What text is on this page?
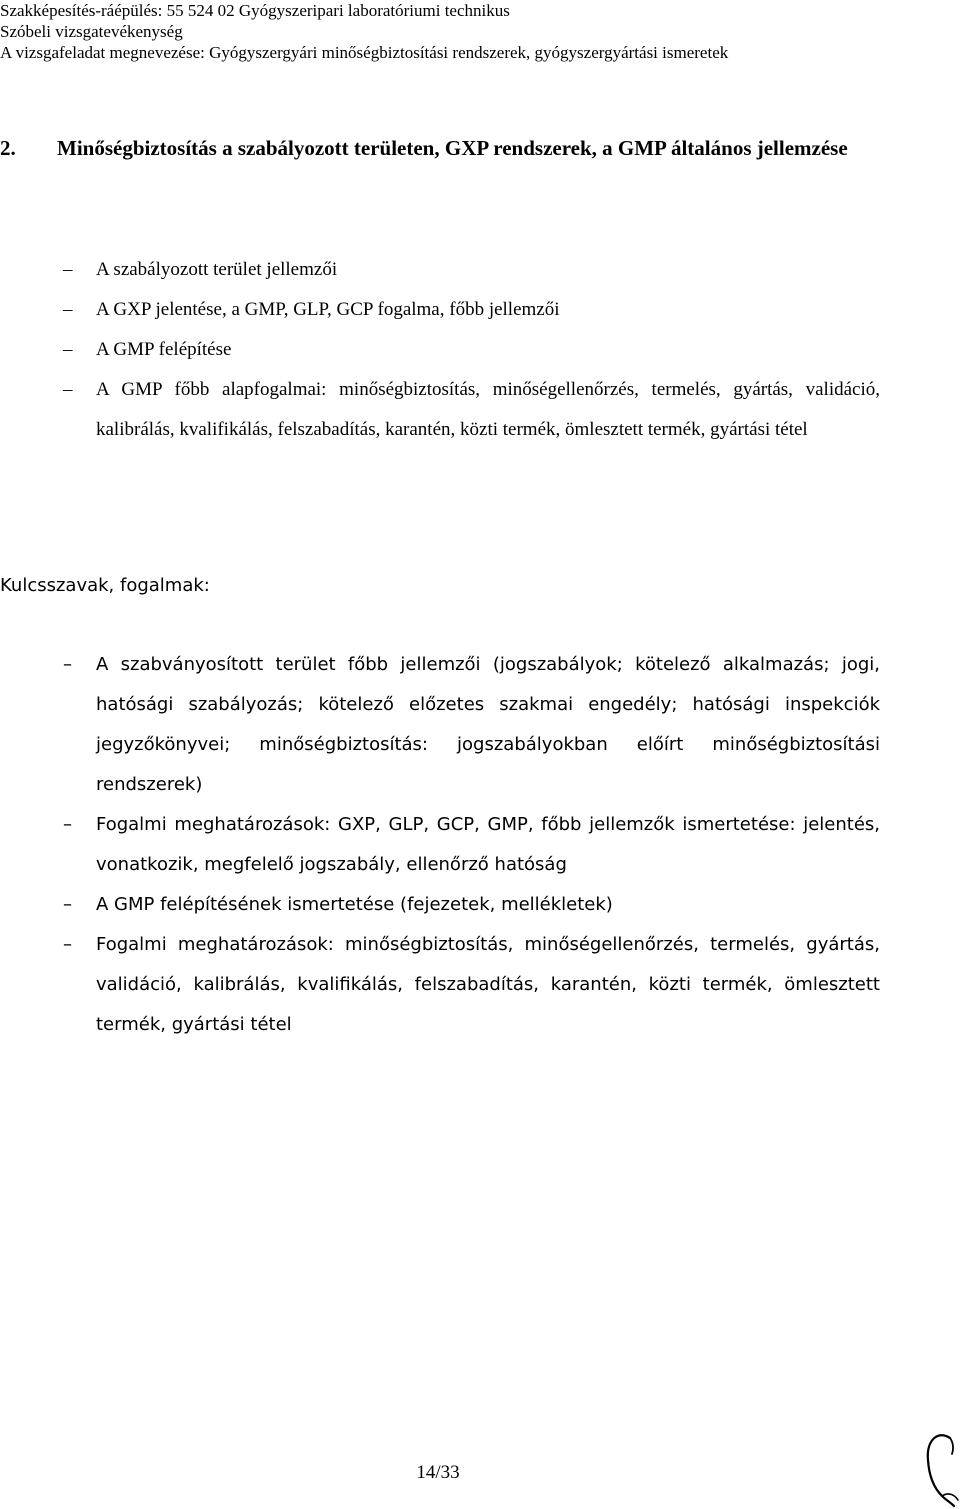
Szakképesítés-ráépülés: 55 524 02 Gyógyszeripari laboratóriumi technikus
Szóbeli vizsgatevékenység
A vizsgafeladat megnevezése: Gyógyszergyári minőségbiztosítási rendszerek, gyógyszergyártási ismeretek
2. Minőségbiztosítás a szabályozott területen, GXP rendszerek, a GMP általános jellemzése
–	A szabályozott terület jellemzői
–	A GXP jelentése, a GMP, GLP, GCP fogalma, főbb jellemzői
–	A GMP felépítése
–	A GMP főbb alapfogalmai: minőségbiztosítás, minőségellenőrzés, termelés, gyártás, validáció, kalibrálás, kvalifikálás, felszabadítás, karantén, közti termék, ömlesztett termék, gyártási tétel
Kulcsszavak, fogalmak:
–	A szabványosított terület főbb jellemzői (jogszabályok; kötelező alkalmazás; jogi, hatósági szabályozás; kötelező előzetes szakmai engedély; hatósági inspekciók jegyzőkönyvei; minőségbiztosítás: jogszabályokban előírt minőségbiztosítási rendszerek)
–	Fogalmi meghatározások: GXP, GLP, GCP, GMP, főbb jellemzők ismertetése: jelentés, vonatkozik, megfelelő jogszabály, ellenőrző hatóság
–	A GMP felépítésének ismertetése (fejezetek, mellékletek)
–	Fogalmi meghatározások: minőségbiztosítás, minőségellenőrzés, termelés, gyártás, validáció, kalibrálás, kvalifikálás, felszabadítás, karantén, közti termék, ömlesztett termék, gyártási tétel
14/33
